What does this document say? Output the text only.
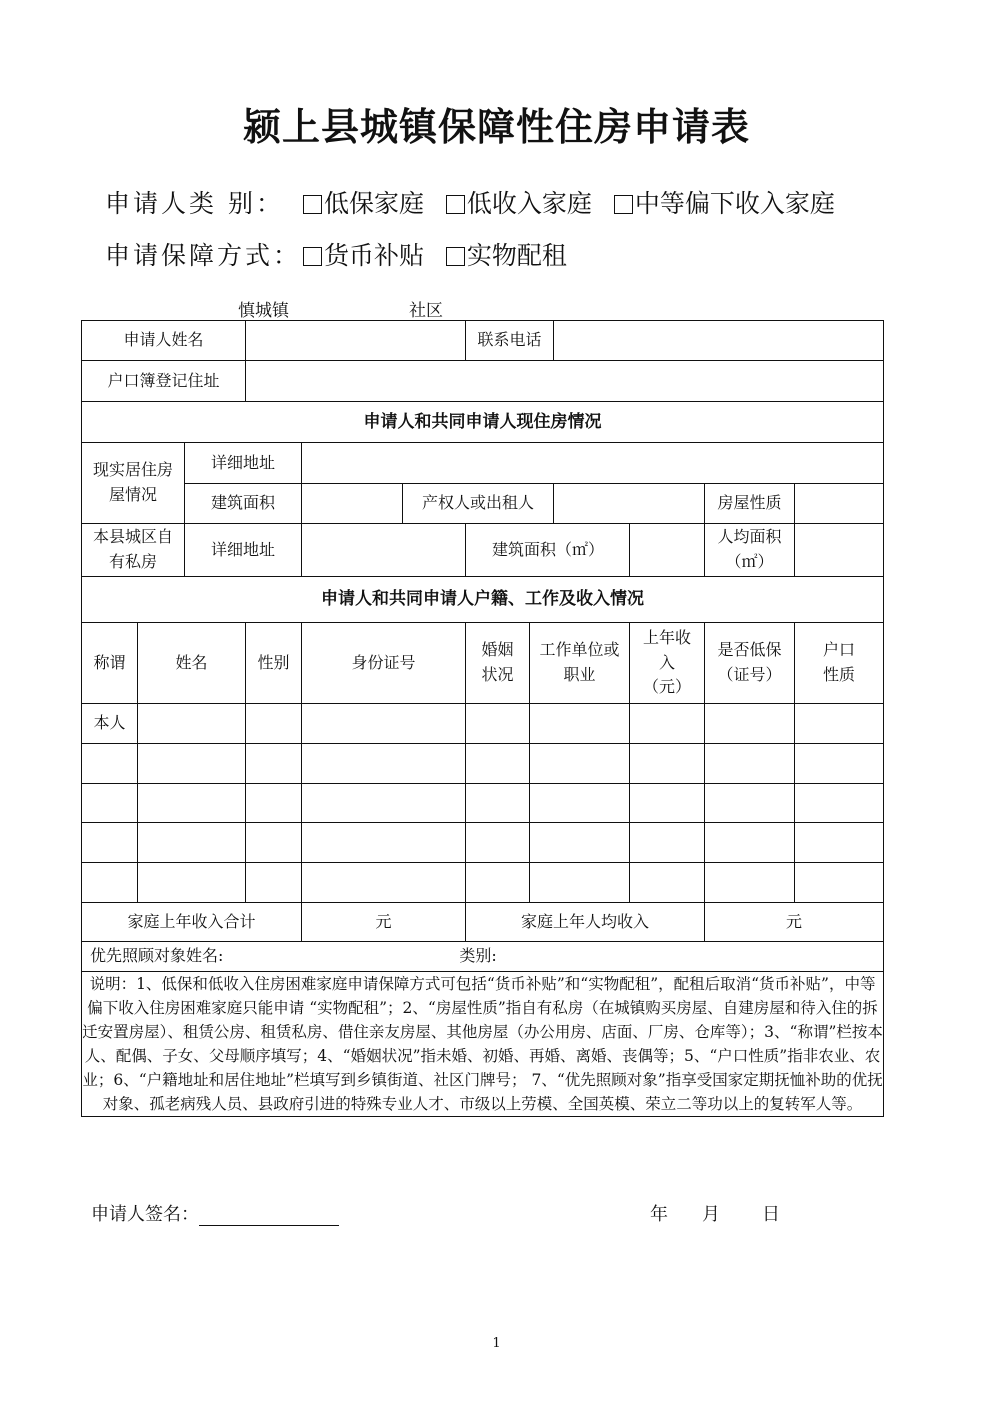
颍上县城镇保障性住房申请表
申请人类 别： 低保家庭 低收入家庭 中等偏下收入家庭
申请保障方式： 货币补贴 实物配租
慎城镇	社区
申请人姓名						联系电话					
户口簿登记住址											
申请人和共同申请人现住房情况											
现实居住房屋情况		详细地址									
		建筑面积			产权人或出租人					房屋性质	
本县城区自有私房		详细地址				建筑面积（㎡）				人均面积（㎡）	
申请人和共同申请人户籍、工作及收入情况											
称谓	姓名		性别	身份证号		婚姻状况	工作单位或职业		上年收入（元）	是否低保（证号）	户口性质
本人											

家庭上年收入合计				元		家庭上年人均收入				元	

优先照顾对象姓名: 类别:											

说明：1、低保和低收入住房困难家庭申请保障方式可包括“货币补贴”和“实物配租”，配租后取消“货币补贴”，中等偏下收入住房困难家庭只能申请 “实物配租”；2、“房屋性质”指自有私房（在城镇购买房屋、自建房屋和待入住的拆迁安置房屋）、租赁公房、租赁私房、借住亲友房屋、其他房屋（办公用房、店面、厂房、仓库等）；3、“称谓”栏按本人、配偶、子女、父母顺序填写；4、“婚姻状况”指未婚、初婚、再婚、离婚、丧偶等；5、“户口性质”指非农业、农业；6、“户籍地址和居住地址”栏填写到乡镇街道、社区门牌号； 7、“优先照顾对象”指享受国家定期抚恤补助的优抚对象、孤老病残人员、县政府引进的特殊专业人才、市级以上劳模、全国英模、荣立二等功以上的复转军人等。											
申请人签名：	年 月 日
1
